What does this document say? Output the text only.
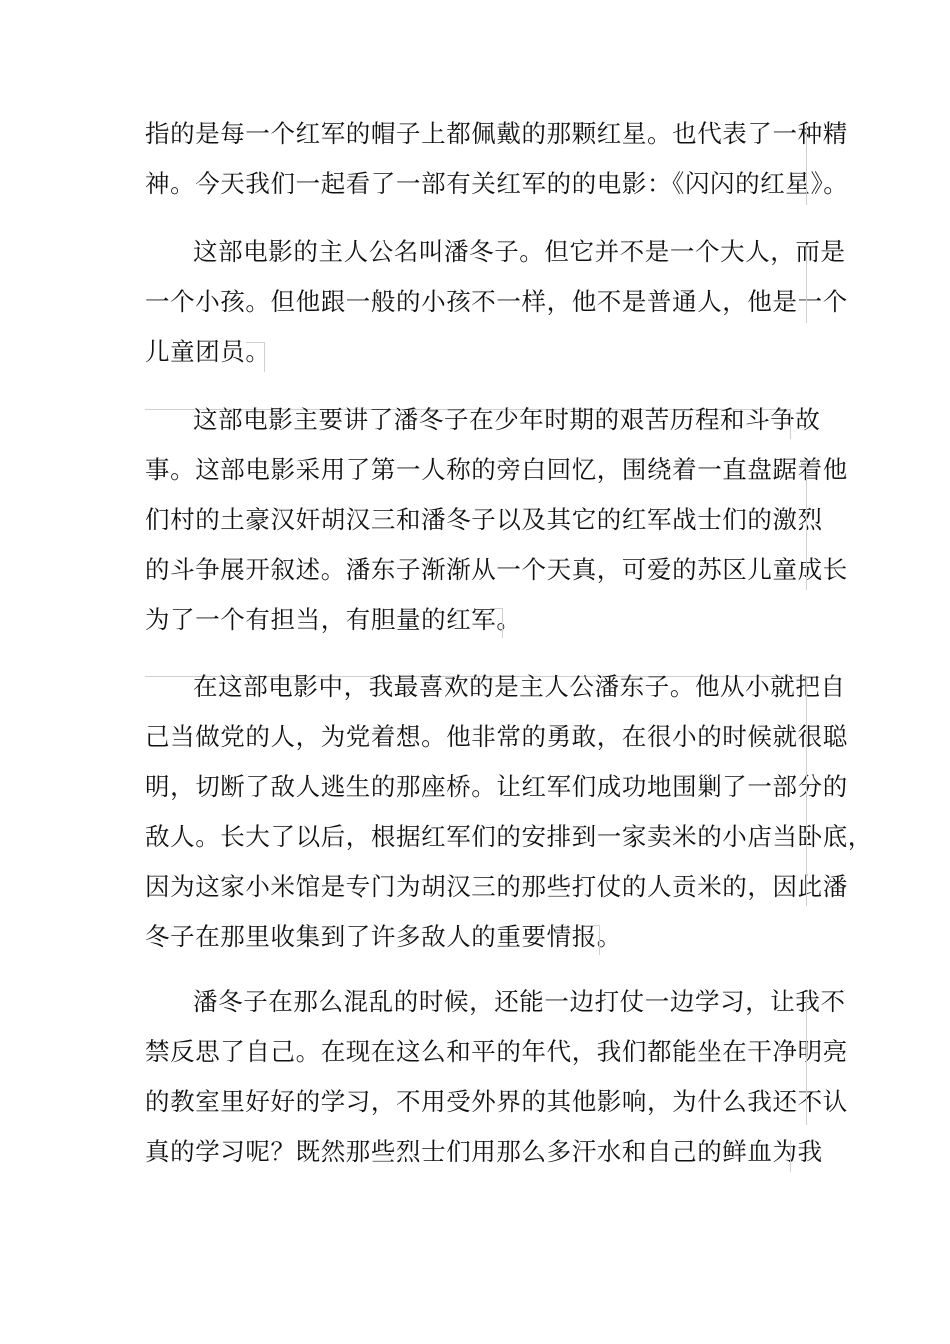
指的是每一个红军的帽子上都佩戴的那颗红星。也代表了一种精
神。今天我们一起看了一部有关红军的的电影：《闪闪的红星》。
这部电影的主人公名叫潘冬子。但它并不是一个大人，而是
一个小孩。但他跟一般的小孩不一样，他不是普通人，他是一个
儿童团员。
这部电影主要讲了潘冬子在少年时期的艰苦历程和斗争故
事。这部电影采用了第一人称的旁白回忆，围绕着一直盘踞着他
们村的土豪汉奸胡汉三和潘冬子以及其它的红军战士们的激烈
的斗争展开叙述。潘东子渐渐从一个天真，可爱的苏区儿童成长
为了一个有担当，有胆量的红军。
在这部电影中，我最喜欢的是主人公潘东子。他从小就把自
己当做党的人，为党着想。他非常的勇敢，在很小的时候就很聪
明，切断了敌人逃生的那座桥。让红军们成功地围剿了一部分的
敌人。长大了以后，根据红军们的安排到一家卖米的小店当卧底，
因为这家小米馆是专门为胡汉三的那些打仗的人贡米的，因此潘
冬子在那里收集到了许多敌人的重要情报。
潘冬子在那么混乱的时候，还能一边打仗一边学习，让我不
禁反思了自己。在现在这么和平的年代，我们都能坐在干净明亮
的教室里好好的学习，不用受外界的其他影响，为什么我还不认
真的学习呢？既然那些烈士们用那么多汗水和自己的鲜血为我
